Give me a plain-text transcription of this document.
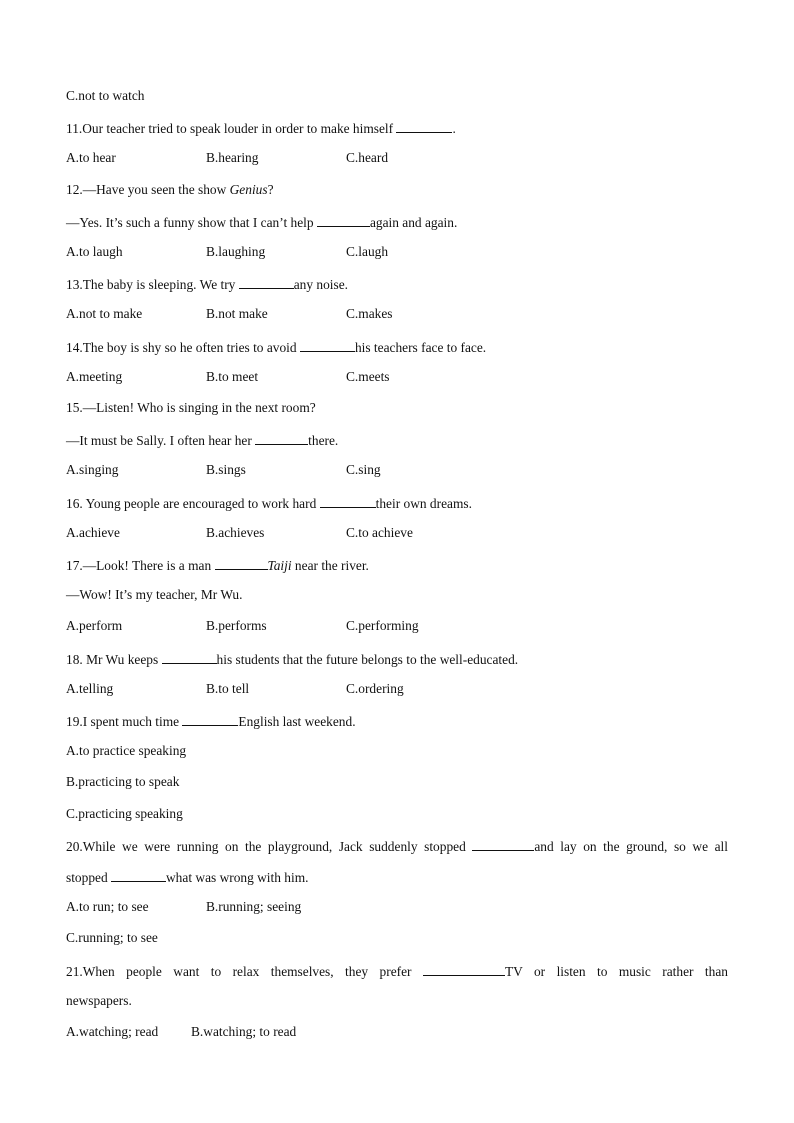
C.not to watch
11.Our teacher tried to speak louder in order to make himself	.
A.to hear	B.hearing	C.heard
12.—Have you seen the show Genius?
—Yes. It’s such a funny show that I can’t help	again and again.
A.to laugh	B.laughing	C.laugh
13.The baby is sleeping. We try	any noise.
A.not to make	B.not make	C.makes
14.The boy is shy so he often tries to avoid	his teachers face to face.
A.meeting	B.to meet	C.meets
15.—Listen! Who is singing in the next room?
—It must be Sally. I often hear her	there.
A.singing	B.sings	C.sing
16. Young people are encouraged to work hard	their own dreams.
A.achieve	B.achieves	C.to achieve
17.—Look! There is a man	Taiji near the river.
—Wow! It’s my teacher, Mr Wu.
A.perform	B.performs	C.performing
18. Mr Wu keeps	his students that the future belongs to the well-educated.
A.telling	B.to tell	C.ordering
19.I spent much time	English last weekend.
A.to practice speaking
B.practicing to speak
C.practicing speaking
20.While we were running on the playground, Jack suddenly stopped	and lay on the ground, so we all
stopped	what was wrong with him.
A.to run; to see	B.running; seeing
C.running; to see
21.When people want to relax themselves, they prefer	TV or listen to music rather than
newspapers.
A.watching; read B.watching; to read
